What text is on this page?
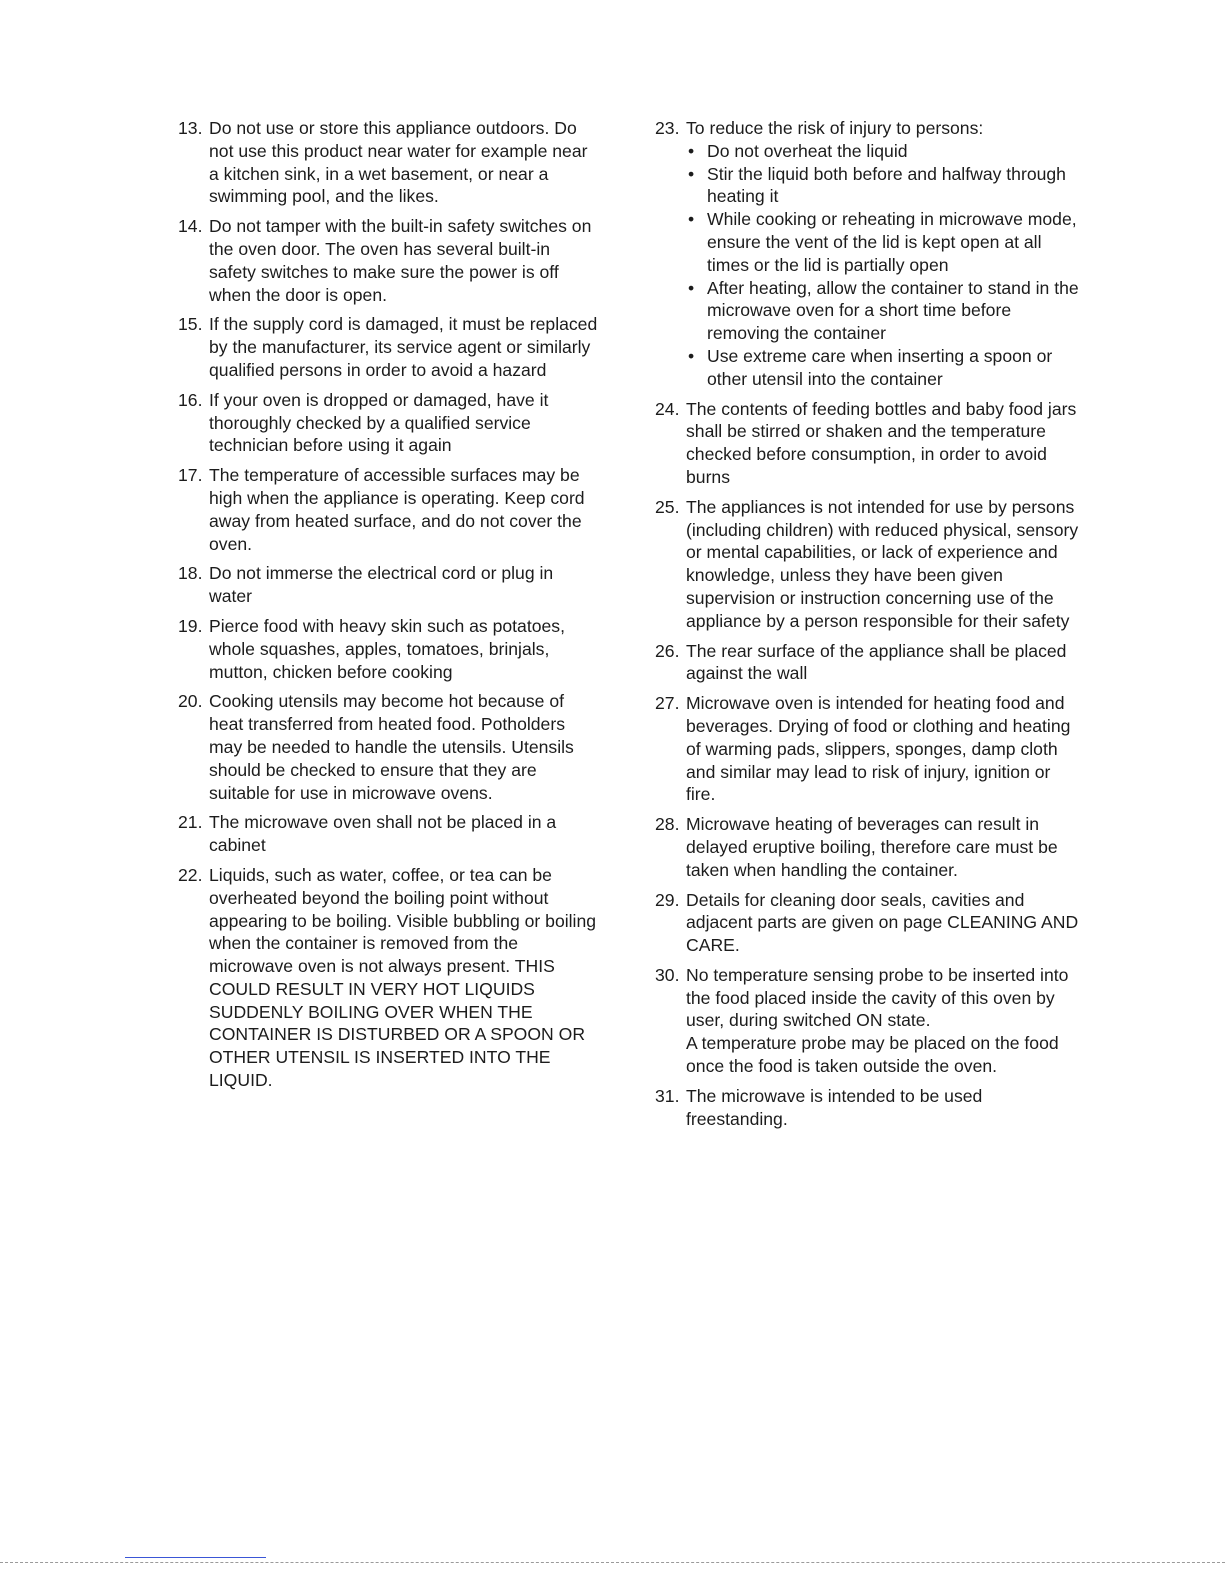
13. Do not use or store this appliance outdoors. Do not use this product near water for example near a kitchen sink, in a wet basement, or near a swimming pool, and the likes.

14. Do not tamper with the built-in safety switches on the oven door. The oven has several built-in safety switches to make sure the power is off when the door is open.

15. If the supply cord is damaged, it must be replaced by the manufacturer, its service agent or similarly qualified persons in order to avoid a hazard

16. If your oven is dropped or damaged, have it thoroughly checked by a qualified service technician before using it again

17. The temperature of accessible surfaces may be high when the appliance is operating. Keep cord away from heated surface, and do not cover the oven.

18. Do not immerse the electrical cord or plug in water

19. Pierce food with heavy skin such as potatoes, whole squashes, apples, tomatoes, brinjals, mutton, chicken before cooking

20. Cooking utensils may become hot because of heat transferred from heated food. Potholders may be needed to handle the utensils. Utensils should be checked to ensure that they are suitable for use in microwave ovens.

21. The microwave oven shall not be placed in a cabinet

22. Liquids, such as water, coffee, or tea can be overheated beyond the boiling point without appearing to be boiling. Visible bubbling or boiling when the container is removed from the microwave oven is not always present. THIS COULD RESULT IN VERY HOT LIQUIDS SUDDENLY BOILING OVER WHEN THE CONTAINER IS DISTURBED OR A SPOON OR OTHER UTENSIL IS INSERTED INTO THE LIQUID.

23. To reduce the risk of injury to persons:

• Do not overheat the liquid
• Stir the liquid both before and halfway through heating it
• While cooking or reheating in microwave mode, ensure the vent of the lid is kept open at all times or the lid is partially open
• After heating, allow the container to stand in the microwave oven for a short time before removing the container
• Use extreme care when inserting a spoon or other utensil into the container
24. The contents of feeding bottles and baby food jars shall be stirred or shaken and the temperature checked before consumption, in order to avoid burns

25. The appliances is not intended for use by persons (including children) with reduced physical, sensory or mental capabilities, or lack of experience and knowledge, unless they have been given supervision or instruction concerning use of the appliance by a person responsible for their safety

26. The rear surface of the appliance shall be placed against the wall

27. Microwave oven is intended for heating food and beverages. Drying of food or clothing and heating of warming pads, slippers, sponges, damp cloth and similar may lead to risk of injury, ignition or fire.

28. Microwave heating of beverages can result in delayed eruptive boiling, therefore care must be taken when handling the container.

29. Details for cleaning door seals, cavities and adjacent parts are given on page CLEANING AND CARE.

30. No temperature sensing probe to be inserted into the food placed inside the cavity of this oven by user, during switched ON state.

A temperature probe may be placed on the food once the food is taken outside the oven.

31. The microwave is intended to be used freestanding.
